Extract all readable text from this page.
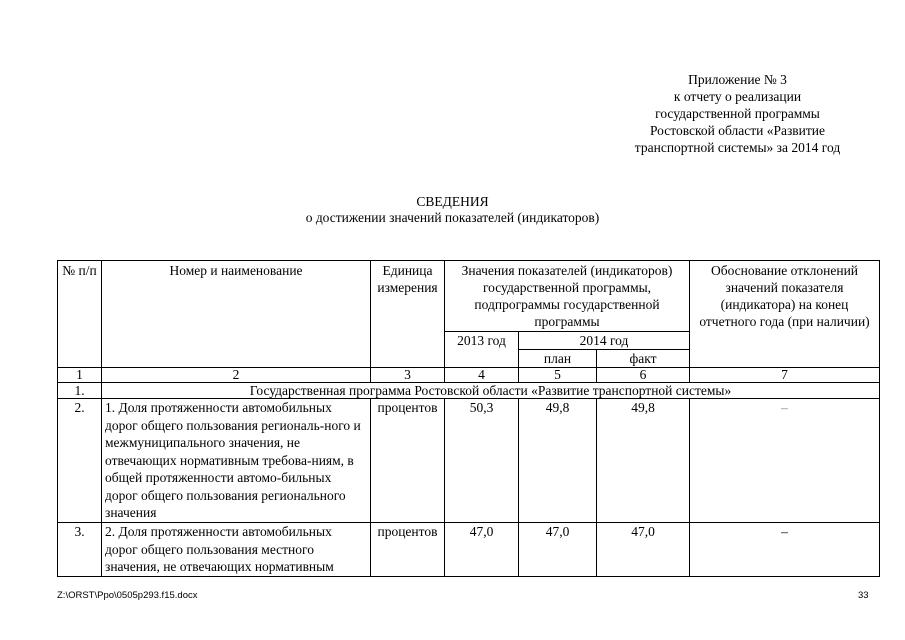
Приложение № 3
к отчету о реализации
государственной программы
Ростовской области «Развитие
транспортной системы» за 2014 год
СВЕДЕНИЯ
о достижении значений показателей (индикаторов)
№ п/п	Номер и наименование	Единица измерения	Значения показателей (индикаторов) государственной программы, подпрограммы государственной программы			Обоснование отклонений значений показателя (индикатора) на конец отчетного года (при наличии)
			2013 год	2014 год		
				план	факт	
1	2	3	4	5	6	7
1.	Государственная программа Ростовской области «Развитие транспортной системы»					
2.	1. Доля протяженности автомобильных дорог общего пользования региональ-ного и межмуниципального значения, не отвечающих нормативным требова-ниям, в общей протяженности автомо-бильных дорог общего пользования регионального значения	процентов	50,3	49,8	49,8	–
3.	2. Доля протяженности автомобильных дорог общего пользования местного значения, не отвечающих нормативным	процентов	47,0	47,0	47,0	–
Z:\ORST\Ppo\0505p293.f15.docx	33
